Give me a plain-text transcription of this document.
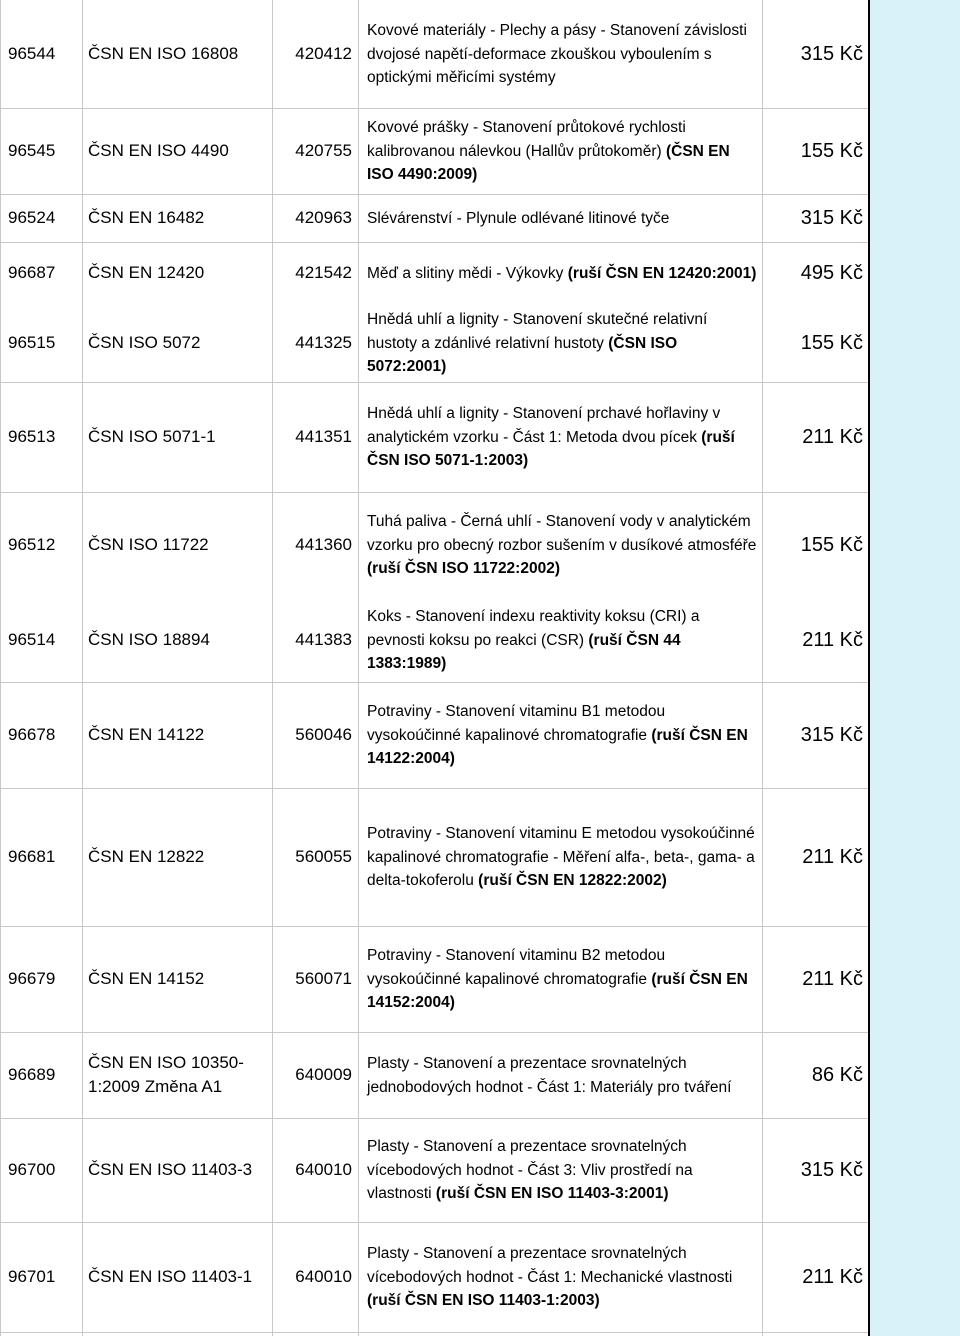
96544	ČSN EN ISO 16808	420412
Kovové materiály - Plechy a pásy - Stanovení závislosti dvojosé napětí-deformace zkouškou vyboulením s optickými měřicími systémy
315 Kč
96545	ČSN EN ISO 4490	420755
Kovové prášky - Stanovení průtokové rychlosti kalibrovanou nálevkou (Hallův průtokoměr) (ČSN EN ISO 4490:2009)
155 Kč
96524	ČSN EN 16482	420963 Slévárenství - Plynule odlévané litinové tyče	315 Kč
96687	ČSN EN 12420	421542 Měď a slitiny mědi - Výkovky (ruší ČSN EN 12420:2001)	495 Kč
96515	ČSN ISO 5072	441325
Hnědá uhlí a lignity - Stanovení skutečné relativní hustoty a zdánlivé relativní hustoty (ČSN ISO 5072:2001)
155 Kč
96513	ČSN ISO 5071-1	441351
Hnědá uhlí a lignity - Stanovení prchavé hořlaviny v analytickém vzorku - Část 1: Metoda dvou pícek (ruší ČSN ISO 5071-1:2003)
211 Kč
96512	ČSN ISO 11722	441360
Tuhá paliva - Černá uhlí - Stanovení vody v analytickém vzorku pro obecný rozbor sušením v dusíkové atmosféře (ruší ČSN ISO 11722:2002)
155 Kč
96514	ČSN ISO 18894	441383
Koks - Stanovení indexu reaktivity koksu (CRI) a pevnosti koksu po reakci (CSR) (ruší ČSN 44 1383:1989)
211 Kč
96678	ČSN EN 14122	560046
Potraviny - Stanovení vitaminu B1 metodou vysokoúčinné kapalinové chromatografie (ruší ČSN EN 14122:2004)
315 Kč
96681	ČSN EN 12822	560055
Potraviny - Stanovení vitaminu E metodou vysokoúčinné kapalinové chromatografie - Měření alfa-, beta-, gama- a delta-tokoferolu (ruší ČSN EN 12822:2002)
211 Kč
96679	ČSN EN 14152	560071
Potraviny - Stanovení vitaminu B2 metodou vysokoúčinné kapalinové chromatografie (ruší ČSN EN 14152:2004)
211 Kč
96689
ČSN EN ISO 10350-1:2009 Změna A1
640009
Plasty - Stanovení a prezentace srovnatelných jednobodových hodnot - Část 1: Materiály pro tváření
86 Kč
96700	ČSN EN ISO 11403-3	640010
Plasty - Stanovení a prezentace srovnatelných vícebodových hodnot - Část 3: Vliv prostředí na vlastnosti (ruší ČSN EN ISO 11403-3:2001)
315 Kč
96701	ČSN EN ISO 11403-1	640010
Plasty - Stanovení a prezentace srovnatelných vícebodových hodnot - Část 1: Mechanické vlastnosti (ruší ČSN EN ISO 11403-1:2003)
211 Kč
